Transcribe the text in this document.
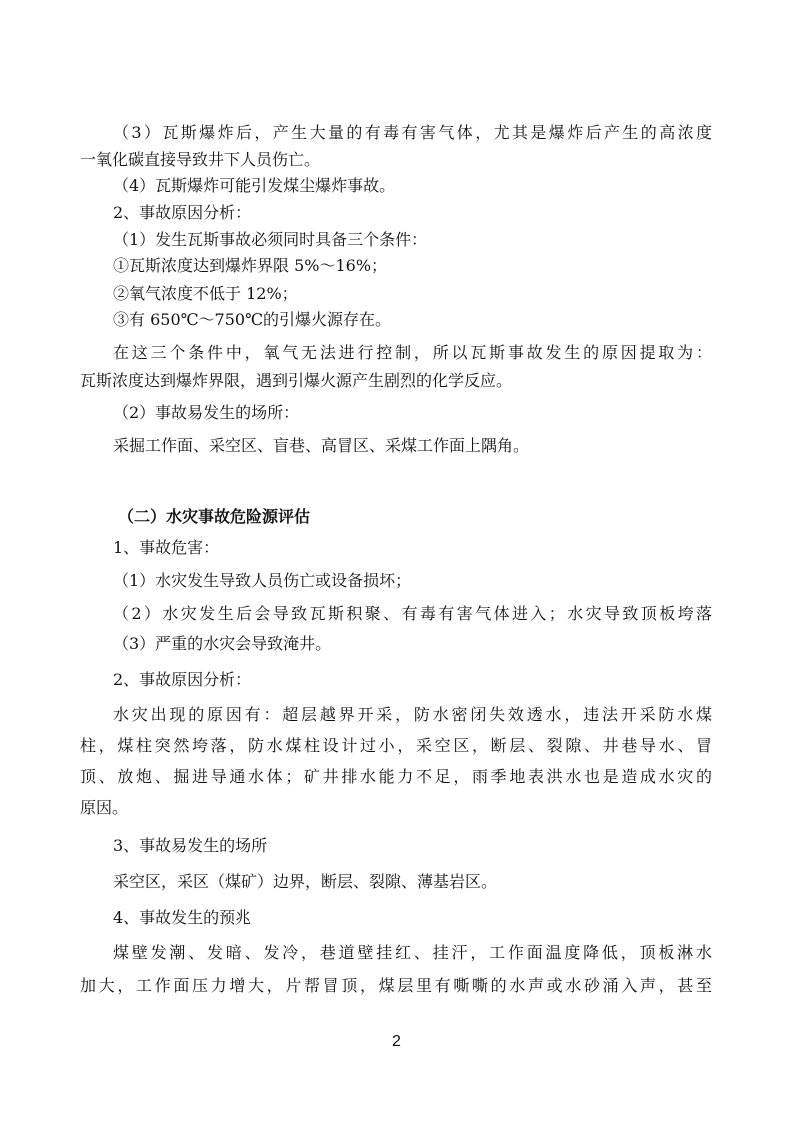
（3）瓦斯爆炸后，产生大量的有毒有害气体，尤其是爆炸后产生的高浓度
一氧化碳直接导致井下人员伤亡。
（4）瓦斯爆炸可能引发煤尘爆炸事故。
2、事故原因分析：
（1）发生瓦斯事故必须同时具备三个条件：
①瓦斯浓度达到爆炸界限 5%～16%；
②氧气浓度不低于 12%；
③有 650℃～750℃的引爆火源存在。
在这三个条件中，氧气无法进行控制，所以瓦斯事故发生的原因提取为：
瓦斯浓度达到爆炸界限，遇到引爆火源产生剧烈的化学反应。
（2）事故易发生的场所：
采掘工作面、采空区、盲巷、高冒区、采煤工作面上隅角。
（二）水灾事故危险源评估
1、事故危害：
（1）水灾发生导致人员伤亡或设备损坏；
（2）水灾发生后会导致瓦斯积聚、有毒有害气体进入；水灾导致顶板垮落
（3）严重的水灾会导致淹井。
2、事故原因分析：
水灾出现的原因有：超层越界开采，防水密闭失效透水，违法开采防水煤
柱，煤柱突然垮落，防水煤柱设计过小，采空区，断层、裂隙、井巷导水、冒
顶、放炮、掘进导通水体；矿井排水能力不足，雨季地表洪水也是造成水灾的
原因。
3、事故易发生的场所
采空区，采区（煤矿）边界，断层、裂隙、薄基岩区。
4、事故发生的预兆
煤壁发潮、发暗、发冷，巷道壁挂红、挂汗，工作面温度降低，顶板淋水
加大，工作面压力增大，片帮冒顶，煤层里有嘶嘶的水声或水砂涌入声，甚至
2
